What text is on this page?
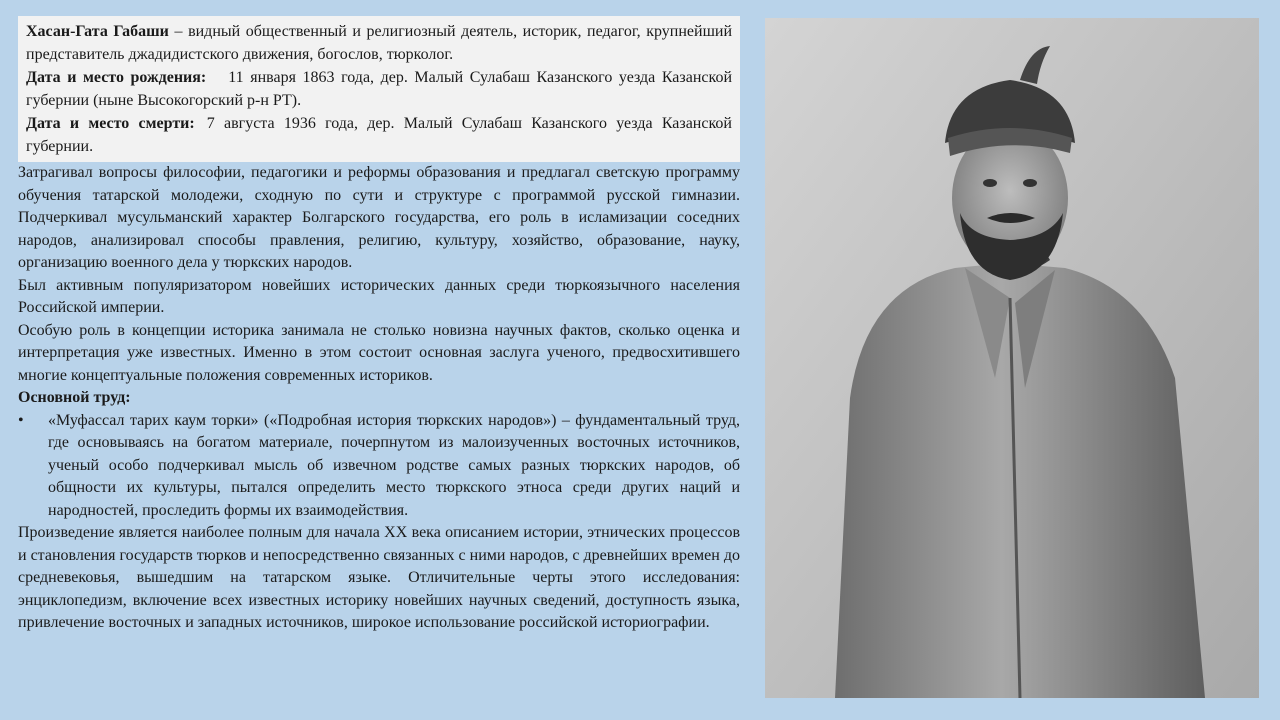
Хасан-Гата Габаши – видный общественный и религиозный деятель, историк, педагог, крупнейший представитель джадидистского движения, богослов, тюрколог.

Дата и место рождения: 11 января 1863 года, дер. Малый Сулабаш Казанского уезда Казанской губернии (ныне Высокогорский р-н РТ).

Дата и место смерти: 7 августа 1936 года, дер. Малый Сулабаш Казанского уезда Казанской губернии.

Затрагивал вопросы философии, педагогики и реформы образования и предлагал светскую программу обучения татарской молодежи, сходную по сути и структуре с программой русской гимназии. Подчеркивал мусульманский характер Болгарского государства, его роль в исламизации соседних народов, анализировал способы правления, религию, культуру, хозяйство, образование, науку, организацию военного дела у тюркских народов.

Был активным популяризатором новейших исторических данных среди тюркоязычного населения Российской империи.

Особую роль в концепции историка занимала не столько новизна научных фактов, сколько оценка и интерпретация уже известных. Именно в этом состоит основная заслуга ученого, предвосхитившего многие концептуальные положения современных историков.

Основной труд:

•	«Муфассал тарих каум торки» («Подробная история тюркских народов») – фундаментальный труд, где основываясь на богатом материале, почерпнутом из малоизученных восточных источников, ученый особо подчеркивал мысль об извечном родстве самых разных тюркских народов, об общности их культуры, пытался определить место тюркского этноса среди других наций и народностей, проследить формы их взаимодействия.

Произведение является наиболее полным для начала XX века описанием истории, этнических процессов и становления государств тюрков и непосредственно связанных с ними народов, с древнейших времен до средневековья, вышедшим на татарском языке. Отличительные черты этого исследования: энциклопедизм, включение всех известных историку новейших научных сведений, доступность языка, привлечение восточных и западных источников, широкое использование российской историографии.
